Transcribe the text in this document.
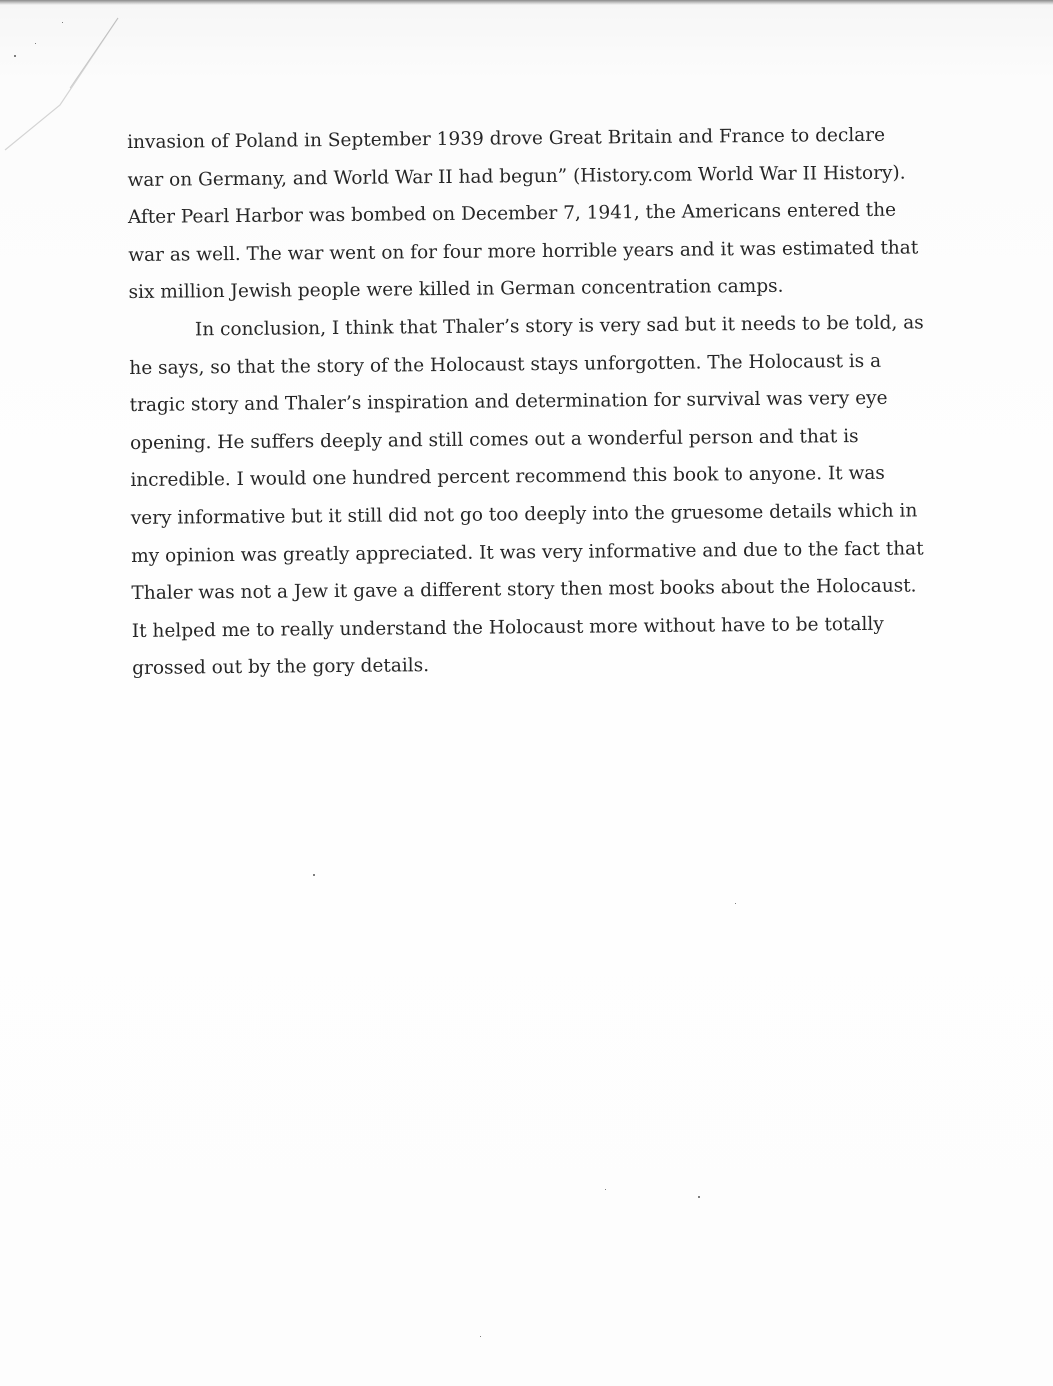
invasion of Poland in September 1939 drove Great Britain and France to declare
war on Germany, and World War II had begun” (History.com World War II History).
After Pearl Harbor was bombed on December 7, 1941, the Americans entered the
war as well. The war went on for four more horrible years and it was estimated that
six million Jewish people were killed in German concentration camps.
In conclusion, I think that Thaler’s story is very sad but it needs to be told, as
he says, so that the story of the Holocaust stays unforgotten. The Holocaust is a
tragic story and Thaler’s inspiration and determination for survival was very eye
opening. He suffers deeply and still comes out a wonderful person and that is
incredible. I would one hundred percent recommend this book to anyone. It was
very informative but it still did not go too deeply into the gruesome details which in
my opinion was greatly appreciated. It was very informative and due to the fact that
Thaler was not a Jew it gave a different story then most books about the Holocaust.
It helped me to really understand the Holocaust more without have to be totally
grossed out by the gory details.
